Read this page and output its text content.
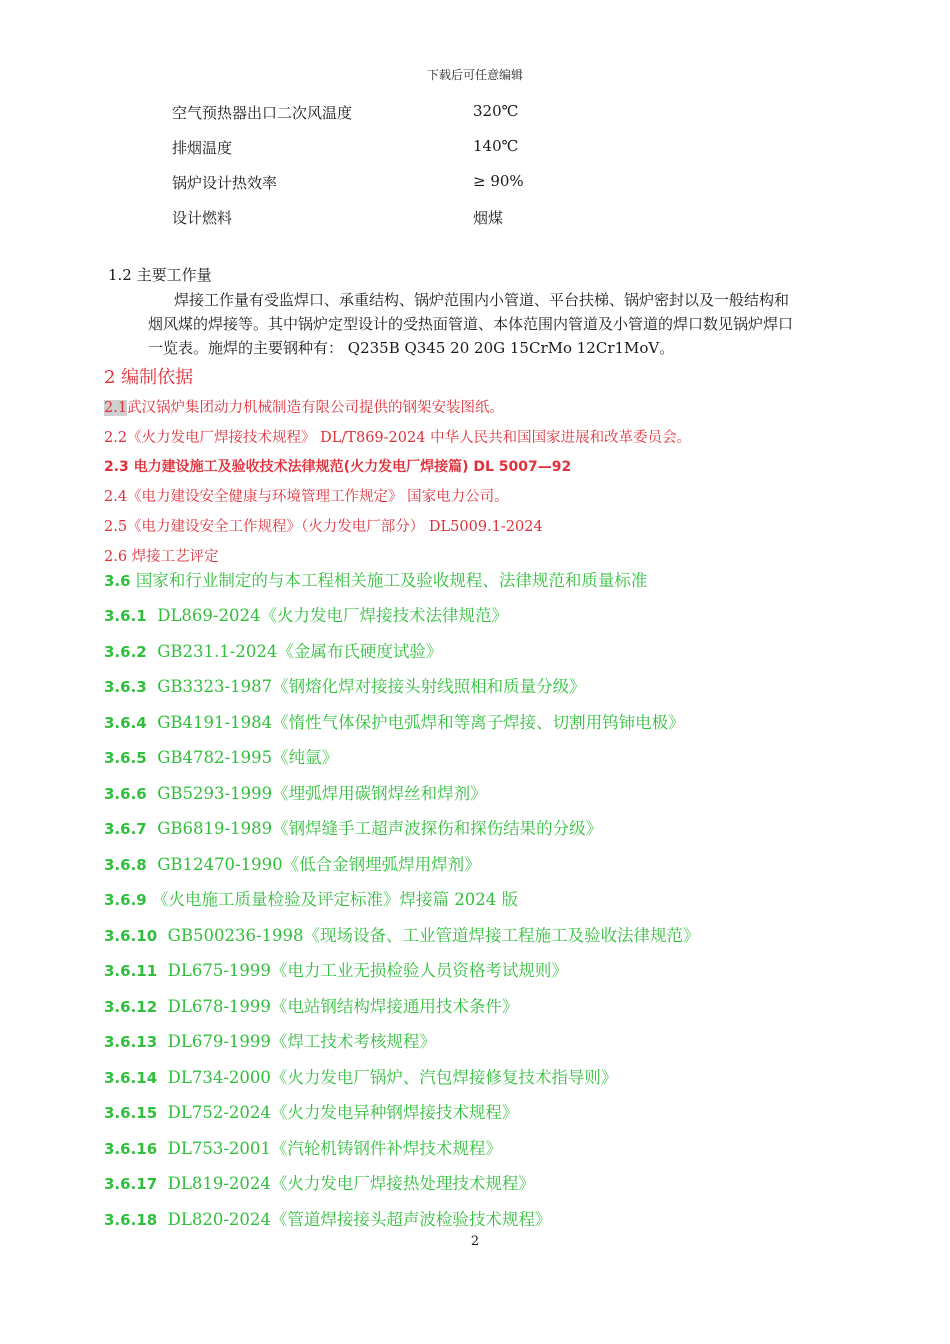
下载后可任意编辑
空气预热器出口二次风温度	320℃
排烟温度	140℃
锅炉设计热效率	≥ 90%
设计燃料	烟煤
1.2 主要工作量
焊接工作量有受监焊口、承重结构、锅炉范围内小管道、平台扶梯、锅炉密封以及一般结构和
烟风煤的焊接等。其中锅炉定型设计的受热面管道、本体范围内管道及小管道的焊口数见锅炉焊口
一览表。施焊的主要钢种有： Q235B Q345 20 20G 15CrMo 12Cr1MoV。
2 编制依据
2.1武汉锅炉集团动力机械制造有限公司提供的钢架安装图纸。
2.2《火力发电厂焊接技术规程》 DL/T869-2024 中华人民共和国国家进展和改革委员会。
2.3 电力建设施工及验收技术法律规范(火力发电厂焊接篇) DL 5007—92
2.4《电力建设安全健康与环境管理工作规定》 国家电力公司。
2.5《电力建设安全工作规程》（火力发电厂部分） DL5009.1-2024
2.6 焊接工艺评定
3.6 国家和行业制定的与本工程相关施工及验收规程、法律规范和质量标准
3.6.1 DL869-2024《火力发电厂焊接技术法律规范》
3.6.2 GB231.1-2024《金属布氏硬度试验》
3.6.3 GB3323-1987《钢熔化焊对接接头射线照相和质量分级》
3.6.4 GB4191-1984《惰性气体保护电弧焊和等离子焊接、切割用钨铈电极》
3.6.5 GB4782-1995《纯氩》
3.6.6 GB5293-1999《埋弧焊用碳钢焊丝和焊剂》
3.6.7 GB6819-1989《钢焊缝手工超声波探伤和探伤结果的分级》
3.6.8 GB12470-1990《低合金钢埋弧焊用焊剂》
3.6.9 《火电施工质量检验及评定标准》焊接篇 2024 版
3.6.10 GB500236-1998《现场设备、工业管道焊接工程施工及验收法律规范》
3.6.11 DL675-1999《电力工业无损检验人员资格考试规则》
3.6.12 DL678-1999《电站钢结构焊接通用技术条件》
3.6.13 DL679-1999《焊工技术考核规程》
3.6.14 DL734-2000《火力发电厂锅炉、汽包焊接修复技术指导则》
3.6.15 DL752-2024《火力发电异种钢焊接技术规程》
3.6.16 DL753-2001《汽轮机铸钢件补焊技术规程》
3.6.17 DL819-2024《火力发电厂焊接热处理技术规程》
3.6.18 DL820-2024《管道焊接接头超声波检验技术规程》
2
